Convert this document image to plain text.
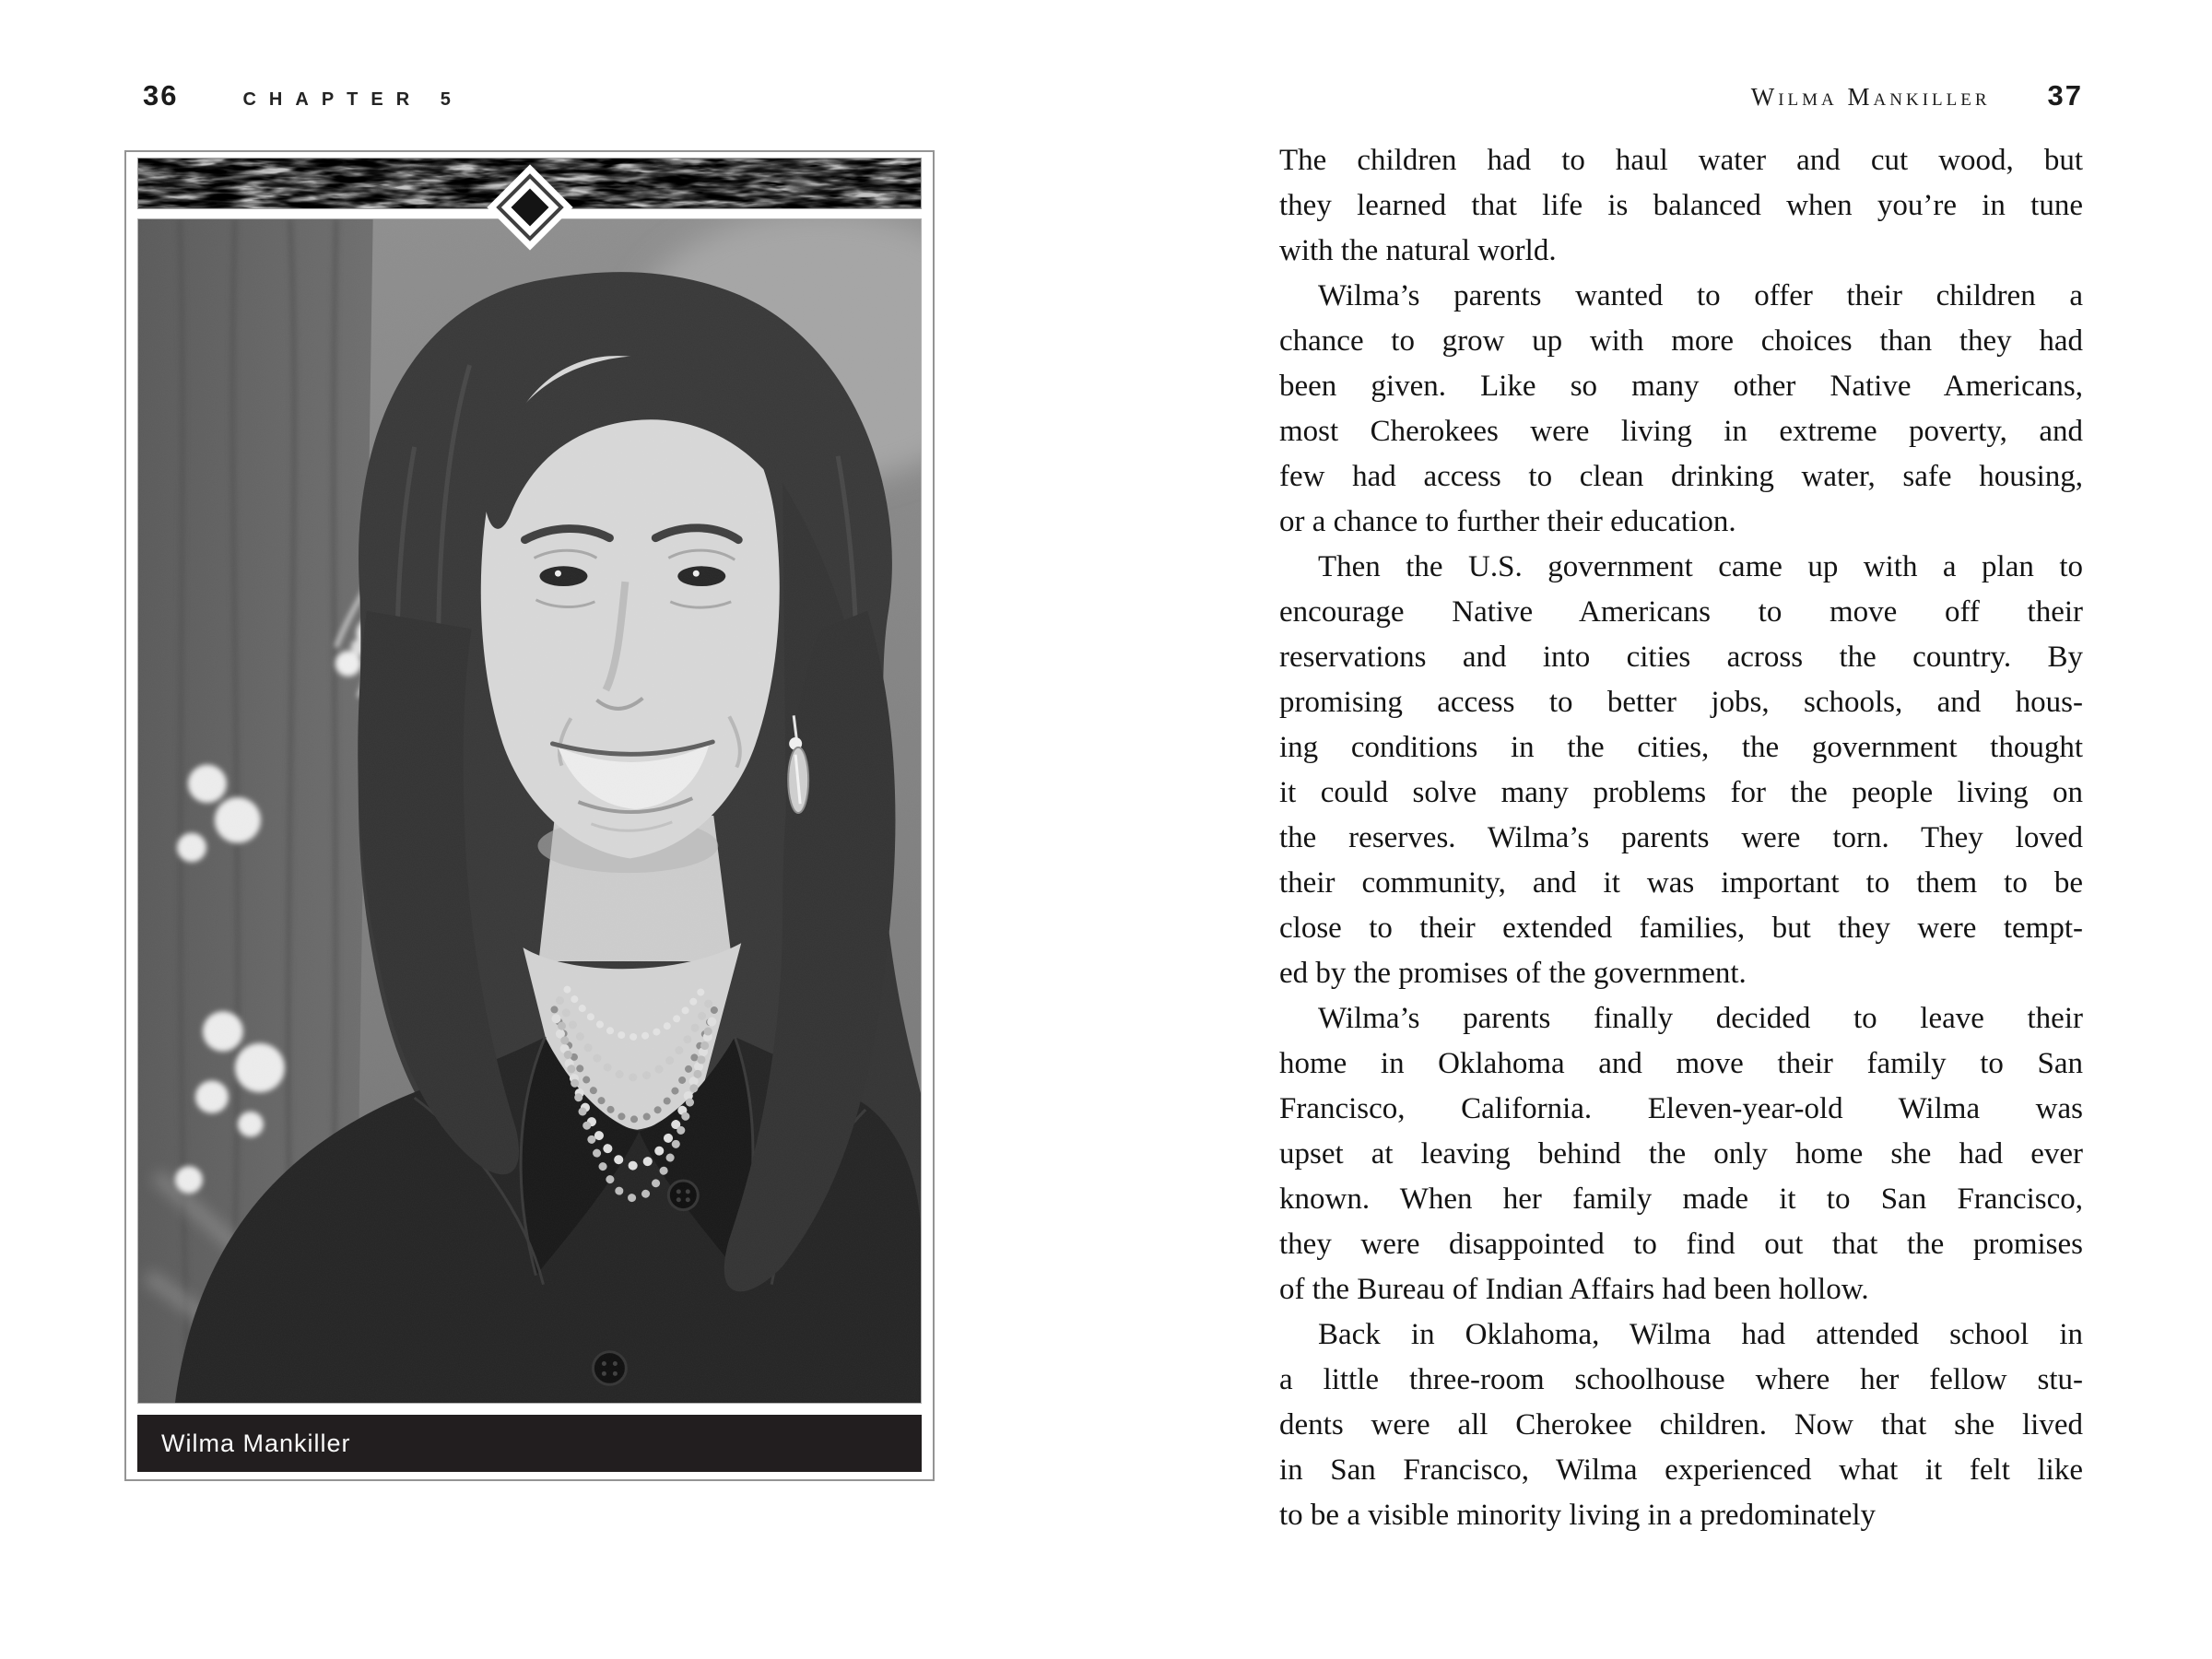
36	CHAPTER 5	Wilma Mankiller 37
Wilma Mankiller
The children had to haul water and cut wood, but
they learned that life is balanced when you’re in tune
with the natural world.
Wilma’s parents wanted to offer their children a
chance to grow up with more choices than they had
been given. Like so many other Native Americans,
most Cherokees were living in extreme poverty, and
few had access to clean drinking water, safe housing,
or a chance to further their education.
Then the U.S. government came up with a plan to
encourage Native Americans to move off their
reservations and into cities across the country. By
promising access to better jobs, schools, and hous-
ing conditions in the cities, the government thought
it could solve many problems for the people living on
the reserves. Wilma’s parents were torn. They loved
their community, and it was important to them to be
close to their extended families, but they were tempt-
ed by the promises of the government.
Wilma’s parents finally decided to leave their
home in Oklahoma and move their family to San
Francisco, California. Eleven-year-old Wilma was
upset at leaving behind the only home she had ever
known. When her family made it to San Francisco,
they were disappointed to find out that the promises
of the Bureau of Indian Affairs had been hollow.
Back in Oklahoma, Wilma had attended school in
a little three-room schoolhouse where her fellow stu-
dents were all Cherokee children. Now that she lived
in San Francisco, Wilma experienced what it felt like
to be a visible minority living in a predominately
